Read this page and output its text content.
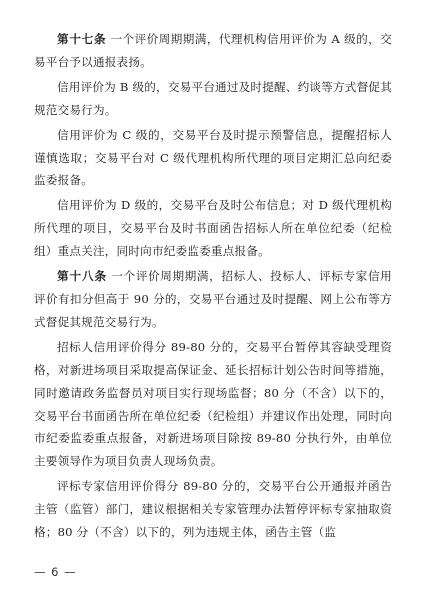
第十七条 一个评价周期期满，代理机构信用评价为 A 级的，交易平台予以通报表扬。

信用评价为 B 级的，交易平台通过及时提醒、约谈等方式督促其规范交易行为。

信用评价为 C 级的，交易平台及时提示预警信息，提醒招标人谨慎选取；交易平台对 C 级代理机构所代理的项目定期汇总向纪委监委报备。

信用评价为 D 级的，交易平台及时公布信息；对 D 级代理机构所代理的项目，交易平台及时书面函告招标人所在单位纪委（纪检组）重点关注，同时向市纪委监委重点报备。

第十八条 一个评价周期期满，招标人、投标人、评标专家信用评价有扣分但高于 90 分的，交易平台通过及时提醒、网上公布等方式督促其规范交易行为。

招标人信用评价得分 89-80 分的，交易平台暂停其容缺受理资格，对新进场项目采取提高保证金、延长招标计划公告时间等措施，同时邀请政务监督员对项目实行现场监督；80 分（不含）以下的，交易平台书面函告所在单位纪委（纪检组）并建议作出处理，同时向市纪委监委重点报备，对新进场项目除按 89-80 分执行外，由单位主要领导作为项目负责人现场负责。

评标专家信用评价得分 89-80 分的，交易平台公开通报并函告主管（监管）部门，建议根据相关专家管理办法暂停评标专家抽取资格；80 分（不含）以下的，列为违规主体，函告主管（监

— 6 —
